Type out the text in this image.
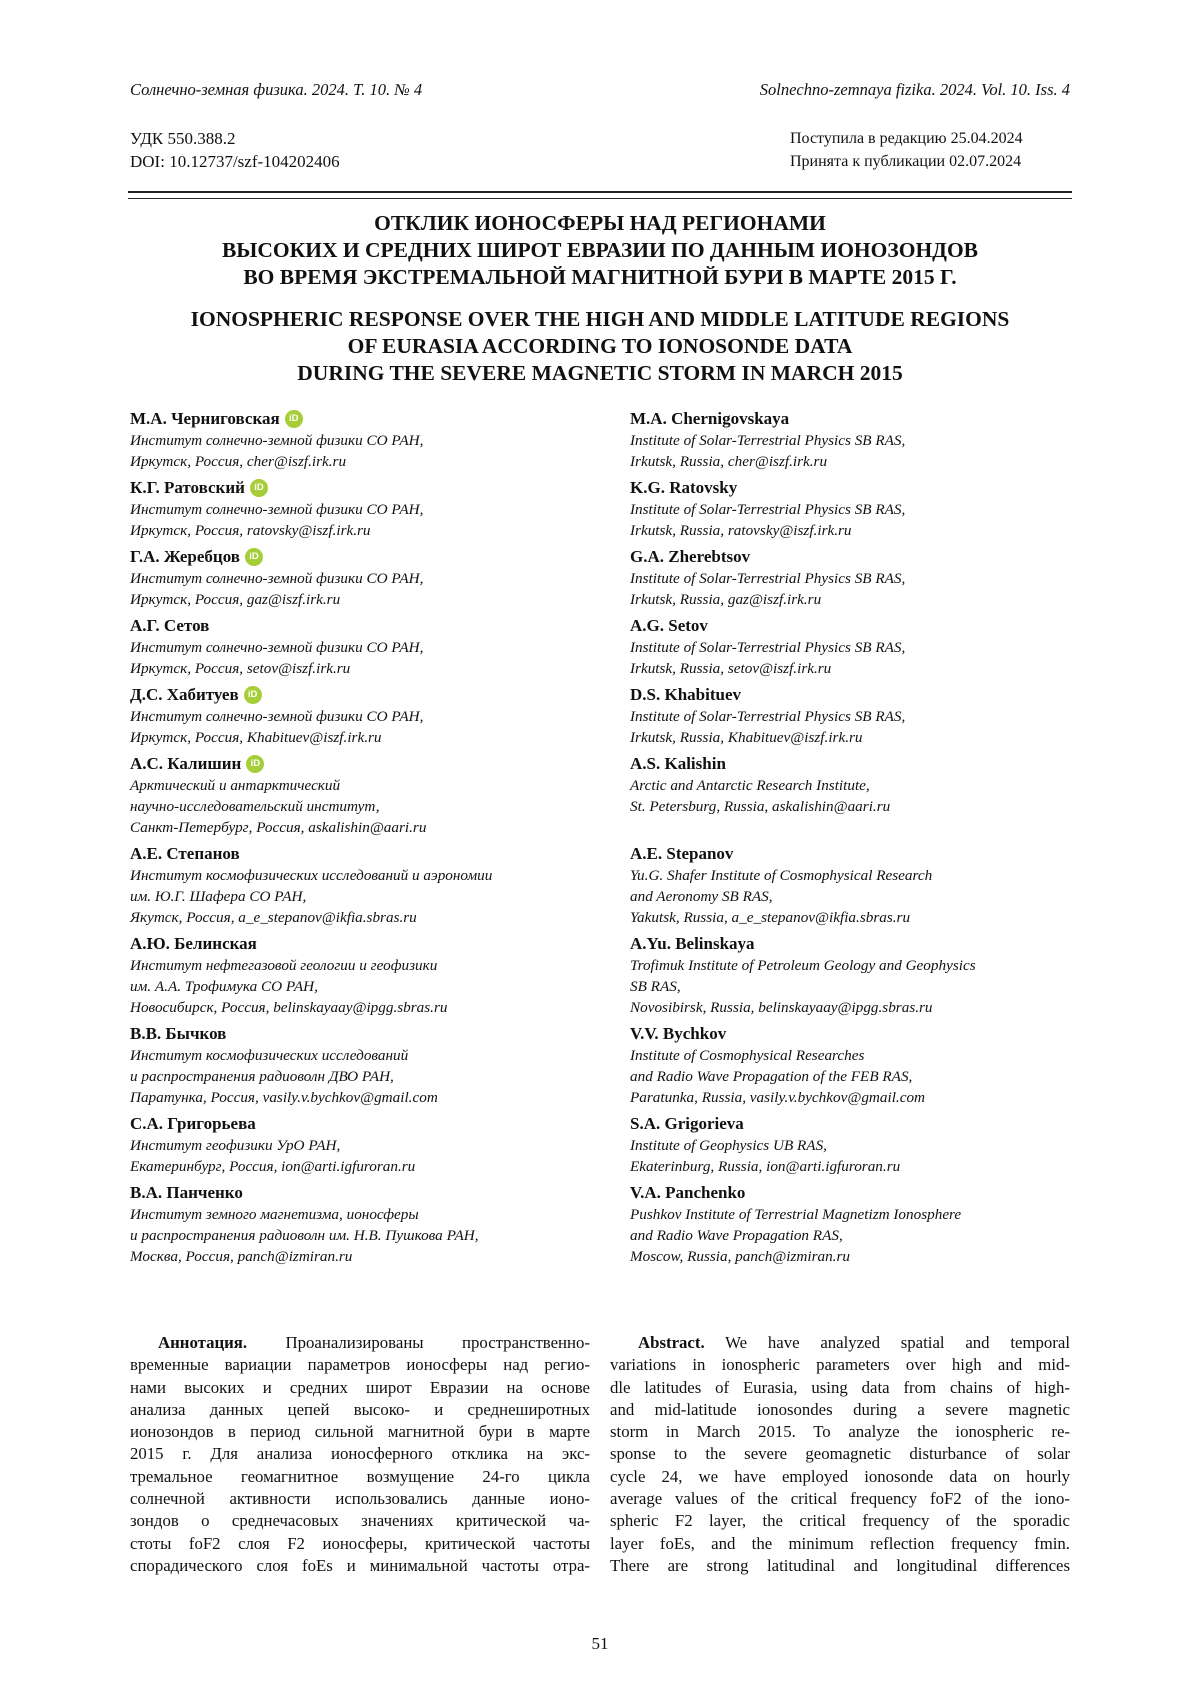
Солнечно-земная физика. 2024. Т. 10. № 4	Solnechno-zemnaya fizika. 2024. Vol. 10. Iss. 4
УДК 550.388.2
DOI: 10.12737/szf-104202406
Поступила в редакцию 25.04.2024
Принята к публикации 02.07.2024
ОТКЛИК ИОНОСФЕРЫ НАД РЕГИОНАМИ
ВЫСОКИХ И СРЕДНИХ ШИРОТ ЕВРАЗИИ ПО ДАННЫМ ИОНОЗОНДОВ
ВО ВРЕМЯ ЭКСТРЕМАЛЬНОЙ МАГНИТНОЙ БУРИ В МАРТЕ 2015 Г.
IONOSPHERIC RESPONSE OVER THE HIGH AND MIDDLE LATITUDE REGIONS
OF EURASIA ACCORDING TO IONOSONDE DATA
DURING THE SEVERE MAGNETIC STORM IN MARCH 2015
М.А. Черниговская iD
Институт солнечно-земной физики СО РАН,
Иркутск, Россия, cher@iszf.irk.ru
M.A. Chernigovskaya
Institute of Solar-Terrestrial Physics SB RAS,
Irkutsk, Russia, cher@iszf.irk.ru
К.Г. Ратовский iD
Институт солнечно-земной физики СО РАН,
Иркутск, Россия, ratovsky@iszf.irk.ru
K.G. Ratovsky
Institute of Solar-Terrestrial Physics SB RAS,
Irkutsk, Russia, ratovsky@iszf.irk.ru
Г.А. Жеребцов iD
Институт солнечно-земной физики СО РАН,
Иркутск, Россия, gaz@iszf.irk.ru
G.A. Zherebtsov
Institute of Solar-Terrestrial Physics SB RAS,
Irkutsk, Russia, gaz@iszf.irk.ru
А.Г. Сетов
Институт солнечно-земной физики СО РАН,
Иркутск, Россия, setov@iszf.irk.ru
A.G. Setov
Institute of Solar-Terrestrial Physics SB RAS,
Irkutsk, Russia, setov@iszf.irk.ru
Д.С. Хабитуев iD
Институт солнечно-земной физики СО РАН,
Иркутск, Россия, Khabituev@iszf.irk.ru
D.S. Khabituev
Institute of Solar-Terrestrial Physics SB RAS,
Irkutsk, Russia, Khabituev@iszf.irk.ru
А.С. Калишин iD
Арктический и антарктический
научно-исследовательский институт,
Санкт-Петербург, Россия, askalishin@aari.ru
A.S. Kalishin
Arctic and Antarctic Research Institute,
St. Petersburg, Russia, askalishin@aari.ru
А.Е. Степанов
Институт космофизических исследований и аэрономии
им. Ю.Г. Шафера СО РАН,
Якутск, Россия, a_e_stepanov@ikfia.sbras.ru
A.E. Stepanov
Yu.G. Shafer Institute of Cosmophysical Research
and Aeronomy SB RAS,
Yakutsk, Russia, a_e_stepanov@ikfia.sbras.ru
А.Ю. Белинская
Институт нефтегазовой геологии и геофизики
им. А.А. Трофимука СО РАН,
Новосибирск, Россия, belinskayaay@ipgg.sbras.ru
A.Yu. Belinskaya
Trofimuk Institute of Petroleum Geology and Geophysics
SB RAS,
Novosibirsk, Russia, belinskayaay@ipgg.sbras.ru
В.В. Бычков
Институт космофизических исследований
и распространения радиоволн ДВО РАН,
Паратунка, Россия, vasily.v.bychkov@gmail.com
V.V. Bychkov
Institute of Cosmophysical Researches
and Radio Wave Propagation of the FEB RAS,
Paratunka, Russia, vasily.v.bychkov@gmail.com
С.А. Григорьева
Институт геофизики УрО РАН,
Екатеринбург, Россия, ion@arti.igfuroran.ru
S.A. Grigorieva
Institute of Geophysics UB RAS,
Ekaterinburg, Russia, ion@arti.igfuroran.ru
В.А. Панченко
Институт земного магнетизма, ионосферы
и распространения радиоволн им. Н.В. Пушкова РАН,
Москва, Россия, panch@izmiran.ru
V.A. Panchenko
Pushkov Institute of Terrestrial Magnetizm Ionosphere
and Radio Wave Propagation RAS,
Moscow, Russia, panch@izmiran.ru
Аннотация. Проанализированы пространственно-
временные вариации параметров ионосферы над регио-
нами высоких и средних широт Евразии на основе
анализа данных цепей высоко- и среднеширотных
ионозондов в период сильной магнитной бури в марте
2015 г. Для анализа ионосферного отклика на экс-
тремальное геомагнитное возмущение 24-го цикла
солнечной активности использовались данные ионо-
зондов о среднечасовых значениях критической ча-
стоты foF2 слоя F2 ионосферы, критической частоты
спорадического слоя foEs и минимальной частоты отра-
Abstract. We have analyzed spatial and temporal
variations in ionospheric parameters over high and mid-
dle latitudes of Eurasia, using data from chains of high-
and mid-latitude ionosondes during a severe magnetic
storm in March 2015. To analyze the ionospheric re-
sponse to the severe geomagnetic disturbance of solar
cycle 24, we have employed ionosonde data on hourly
average values of the critical frequency foF2 of the iono-
spheric F2 layer, the critical frequency of the sporadic
layer foEs, and the minimum reflection frequency fmin.
There are strong latitudinal and longitudinal differences
51
